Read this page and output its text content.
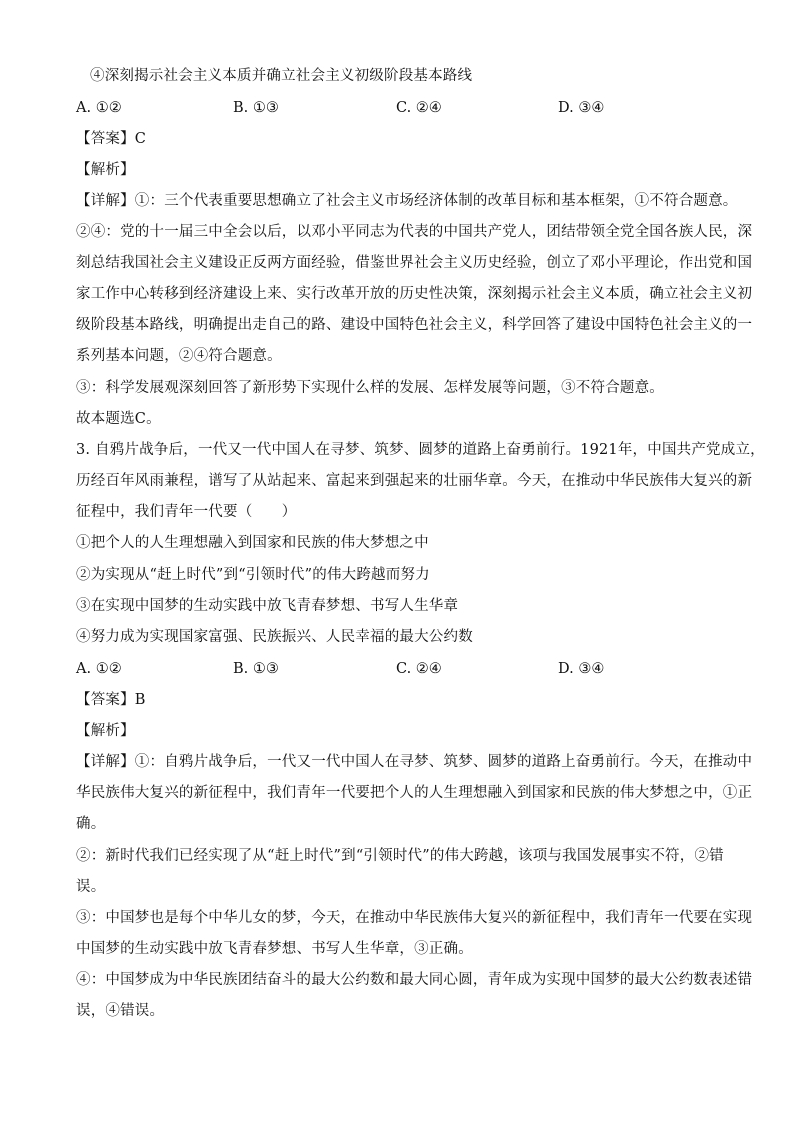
④深刻揭示社会主义本质并确立社会主义初级阶段基本路线
A. ①②	B. ①③	C. ②④	D. ③④
【答案】C
【解析】
【详解】①：三个代表重要思想确立了社会主义市场经济体制的改革目标和基本框架，①不符合题意。
②④：党的十一届三中全会以后，以邓小平同志为代表的中国共产党人，团结带领全党全国各族人民，深
刻总结我国社会主义建设正反两方面经验，借鉴世界社会主义历史经验，创立了邓小平理论，作出党和国
家工作中心转移到经济建设上来、实行改革开放的历史性决策，深刻揭示社会主义本质，确立社会主义初
级阶段基本路线，明确提出走自己的路、建设中国特色社会主义，科学回答了建设中国特色社会主义的一
系列基本问题，②④符合题意。
③：科学发展观深刻回答了新形势下实现什么样的发展、怎样发展等问题，③不符合题意。
故本题选C。
3. 自鸦片战争后，一代又一代中国人在寻梦、筑梦、圆梦的道路上奋勇前行。1921年，中国共产党成立，
历经百年风雨兼程，谱写了从站起来、富起来到强起来的壮丽华章。今天，在推动中华民族伟大复兴的新
征程中，我们青年一代要（　　）
①把个人的人生理想融入到国家和民族的伟大梦想之中
②为实现从“赶上时代”到“引领时代”的伟大跨越而努力
③在实现中国梦的生动实践中放飞青春梦想、书写人生华章
④努力成为实现国家富强、民族振兴、人民幸福的最大公约数
A. ①②	B. ①③	C. ②④	D. ③④
【答案】B
【解析】
【详解】①：自鸦片战争后，一代又一代中国人在寻梦、筑梦、圆梦的道路上奋勇前行。今天，在推动中
华民族伟大复兴的新征程中，我们青年一代要把个人的人生理想融入到国家和民族的伟大梦想之中，①正
确。
②：新时代我们已经实现了从“赶上时代”到“引领时代”的伟大跨越，该项与我国发展事实不符，②错
误。
③：中国梦也是每个中华儿女的梦，今天，在推动中华民族伟大复兴的新征程中，我们青年一代要在实现
中国梦的生动实践中放飞青春梦想、书写人生华章，③正确。
④：中国梦成为中华民族团结奋斗的最大公约数和最大同心圆，青年成为实现中国梦的最大公约数表述错
误，④错误。
